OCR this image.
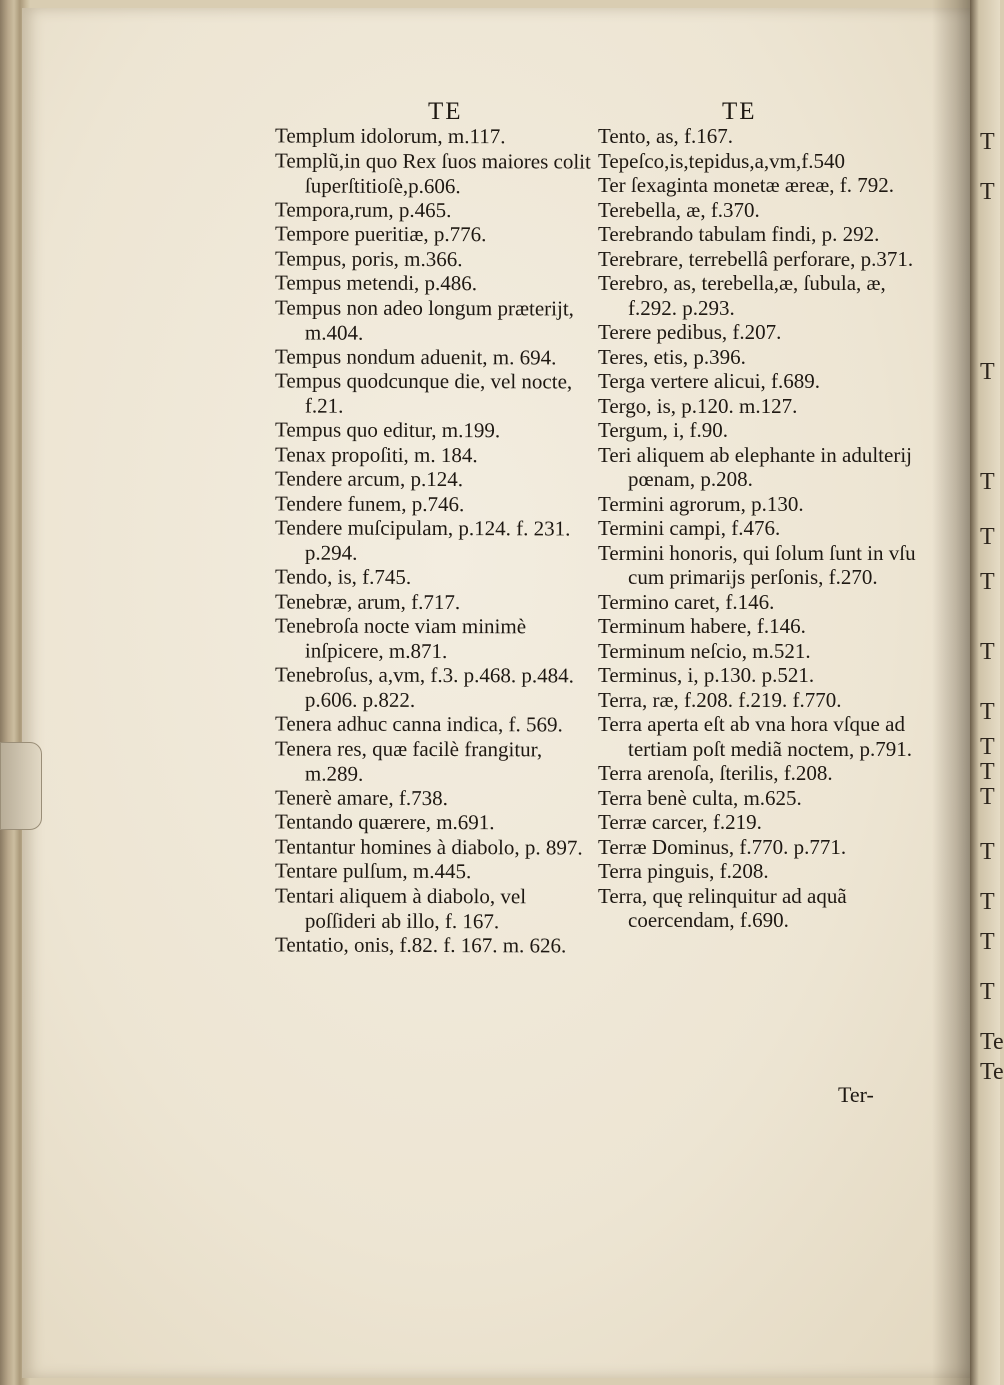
TE	TE

Templum idolorum, m.117.

Templũ,in quo Rex ſuos maiores colit ſuperſtitioſè,p.606.

Tempora,rum, p.465.

Tempore pueritiæ, p.776.

Tempus, poris, m.366.

Tempus metendi, p.486.

Tempus non adeo longum præterijt, m.404.

Tempus nondum aduenit, m. 694.

Tempus quodcunque die, vel nocte, f.21.

Tempus quo editur, m.199.

Tenax propoſiti, m. 184.

Tendere arcum, p.124.

Tendere funem, p.746.

Tendere muſcipulam, p.124. f. 231. p.294.

Tendo, is, f.745.

Tenebræ, arum, f.717.

Tenebroſa nocte viam minimè inſpicere, m.871.

Tenebroſus, a,vm, f.3. p.468. p.484. p.606. p.822.

Tenera adhuc canna indica, f. 569.

Tenera res, quæ facilè frangitur, m.289.

Tenerè amare, f.738.

Tentando quærere, m.691.

Tentantur homines à diabolo, p. 897.

Tentare pulſum, m.445.

Tentari aliquem à diabolo, vel poſſideri ab illo, f. 167.

Tentatio, onis, f.82. f. 167. m. 626.

Tento, as, f.167.

Tepeſco,is,tepidus,a,vm,f.540

Ter ſexaginta monetæ æreæ, f. 792.

Terebella, æ, f.370.

Terebrando tabulam findi, p. 292.

Terebrare, terrebellâ perforare, p.371.

Terebro, as, terebella,æ, ſubula, æ, f.292. p.293.

Terere pedibus, f.207.

Teres, etis, p.396.

Terga vertere alicui, f.689.

Tergo, is, p.120. m.127.

Tergum, i, f.90.

Teri aliquem ab elephante in adulterij pœnam, p.208.

Termini agrorum, p.130.

Termini campi, f.476.

Termini honoris, qui ſolum ſunt in vſu cum primarijs perſonis, f.270.

Termino caret, f.146.

Terminum habere, f.146.

Terminum neſcio, m.521.

Terminus, i, p.130. p.521.

Terra, ræ, f.208. f.219. f.770.

Terra aperta eſt ab vna hora vſque ad tertiam poſt mediã noctem, p.791.

Terra arenoſa, ſterilis, f.208.

Terra benè culta, m.625.

Terræ carcer, f.219.

Terræ Dominus, f.770. p.771.

Terra pinguis, f.208.

Terra, quę relinquitur ad aquã coercendam, f.690.

Ter-
T
T
T
T
T
T
T
T
T
T
T
T
T
T
T
Te
Te
